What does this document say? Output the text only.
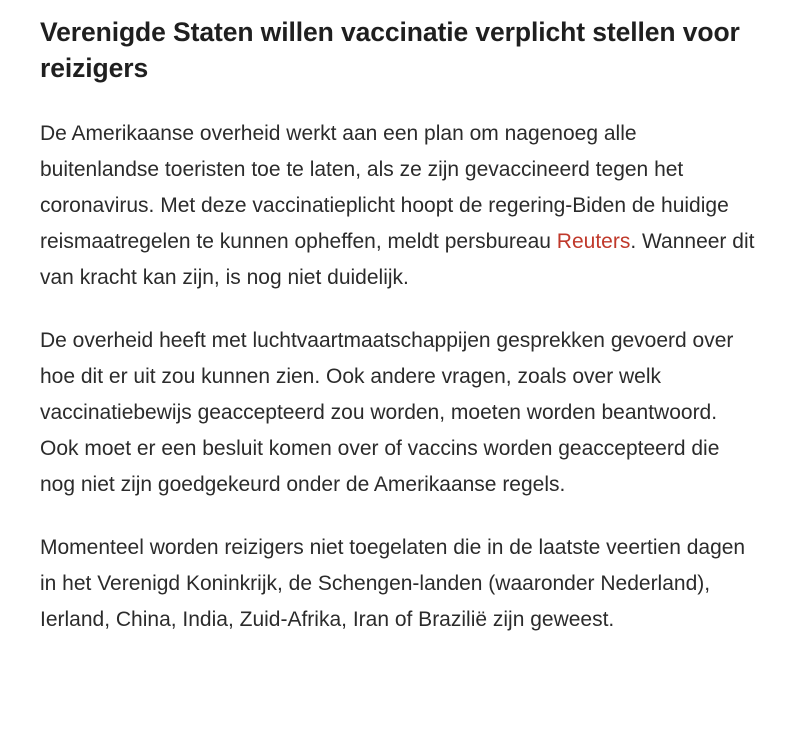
Verenigde Staten willen vaccinatie verplicht stellen voor reizigers

De Amerikaanse overheid werkt aan een plan om nagenoeg alle buitenlandse toeristen toe te laten, als ze zijn gevaccineerd tegen het coronavirus. Met deze vaccinatieplicht hoopt de regering-Biden de huidige reismaatregelen te kunnen opheffen, meldt persbureau Reuters. Wanneer dit van kracht kan zijn, is nog niet duidelijk.

De overheid heeft met luchtvaartmaatschappijen gesprekken gevoerd over hoe dit er uit zou kunnen zien. Ook andere vragen, zoals over welk vaccinatiebewijs geaccepteerd zou worden, moeten worden beantwoord. Ook moet er een besluit komen over of vaccins worden geaccepteerd die nog niet zijn goedgekeurd onder de Amerikaanse regels.

Momenteel worden reizigers niet toegelaten die in de laatste veertien dagen in het Verenigd Koninkrijk, de Schengen-landen (waaronder Nederland), Ierland, China, India, Zuid-Afrika, Iran of Brazilië zijn geweest.
